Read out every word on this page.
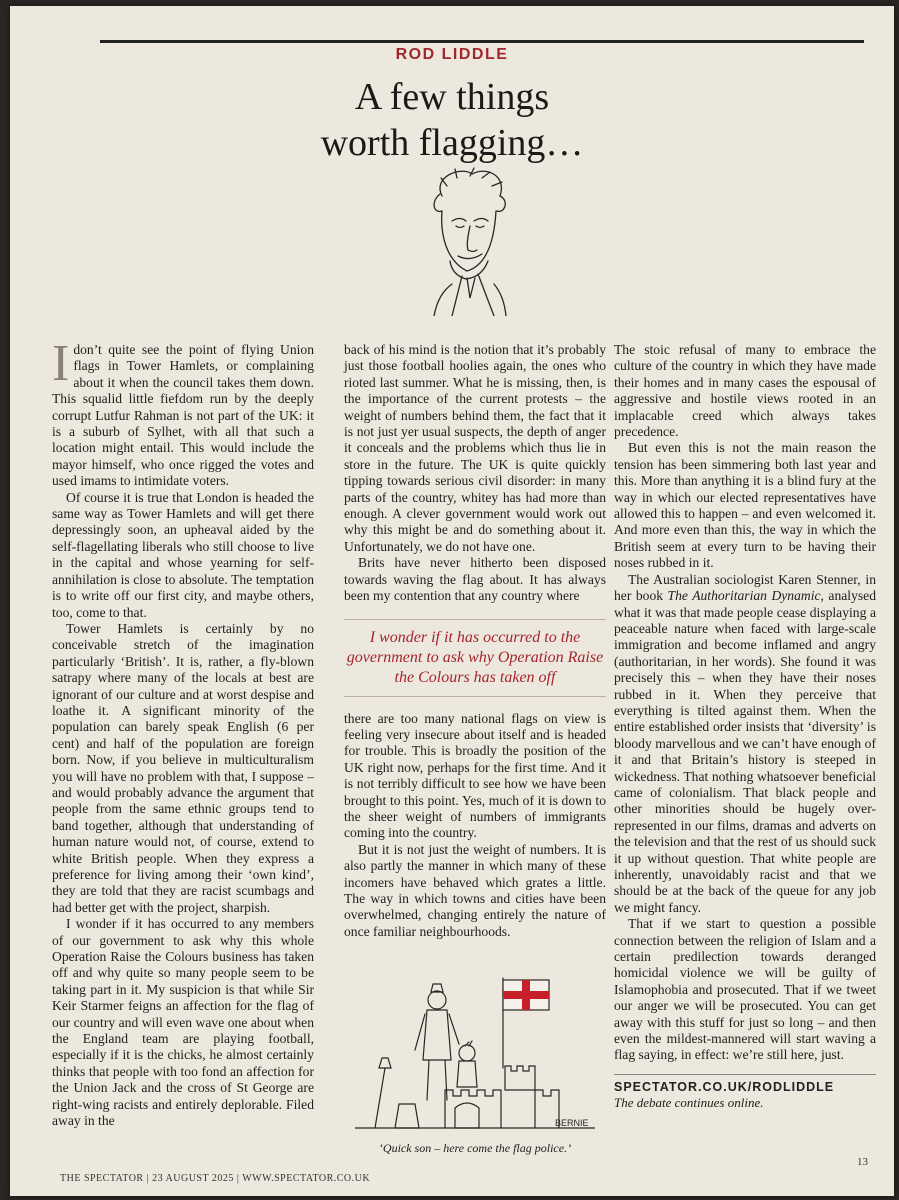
ROD LIDDLE
A few things
worth flagging…

Idon’t quite see the point of flying Union flags in Tower Hamlets, or complaining about it when the council takes them down. This squalid little fiefdom run by the deeply corrupt Lutfur Rahman is not part of the UK: it is a suburb of Sylhet, with all that such a location might entail. This would include the mayor himself, who once rigged the votes and used imams to intimidate voters.

Of course it is true that London is headed the same way as Tower Hamlets and will get there depressingly soon, an upheaval aided by the self-flagellating liberals who still choose to live in the capital and whose yearning for self-annihilation is close to absolute. The temptation is to write off our first city, and maybe others, too, come to that.

Tower Hamlets is certainly by no conceivable stretch of the imagination particularly ‘British’. It is, rather, a fly-blown satrapy where many of the locals at best are ignorant of our culture and at worst despise and loathe it. A significant minority of the population can barely speak English (6 per cent) and half of the population are foreign born. Now, if you believe in multiculturalism you will have no problem with that, I suppose – and would probably advance the argument that people from the same ethnic groups tend to band together, although that understanding of human nature would not, of course, extend to white British people. When they express a preference for living among their ‘own kind’, they are told that they are racist scumbags and had better get with the project, sharpish.

I wonder if it has occurred to any members of our government to ask why this whole Operation Raise the Colours business has taken off and why quite so many people seem to be taking part in it. My suspicion is that while Sir Keir Starmer feigns an affection for the flag of our country and will even wave one about when the England team are playing football, especially if it is the chicks, he almost certainly thinks that people with too fond an affection for the Union Jack and the cross of St George are right-wing racists and entirely deplorable. Filed away in the

back of his mind is the notion that it’s probably just those football hoolies again, the ones who rioted last summer. What he is missing, then, is the importance of the current protests – the weight of numbers behind them, the fact that it is not just yer usual suspects, the depth of anger it conceals and the problems which thus lie in store in the future. The UK is quite quickly tipping towards serious civil disorder: in many parts of the country, whitey has had more than enough. A clever government would work out why this might be and do something about it. Unfortunately, we do not have one.

Brits have never hitherto been disposed towards waving the flag about. It has always been my contention that any country where

I wonder if it has occurred to the government to ask why Operation Raise the Colours has taken off

there are too many national flags on view is feeling very insecure about itself and is headed for trouble. This is broadly the position of the UK right now, perhaps for the first time. And it is not terribly difficult to see how we have been brought to this point. Yes, much of it is down to the sheer weight of numbers of immigrants coming into the country.

But it is not just the weight of numbers. It is also partly the manner in which many of these incomers have behaved which grates a little. The way in which towns and cities have been overwhelmed, changing entirely the nature of once familiar neighbourhoods.

BERNIE
‘Quick son – here come the flag police.’

The stoic refusal of many to embrace the culture of the country in which they have made their homes and in many cases the espousal of aggressive and hostile views rooted in an implacable creed which always takes precedence.

But even this is not the main reason the tension has been simmering both last year and this. More than anything it is a blind fury at the way in which our elected representatives have allowed this to happen – and even welcomed it. And more even than this, the way in which the British seem at every turn to be having their noses rubbed in it.

The Australian sociologist Karen Stenner, in her book The Authoritarian Dynamic, analysed what it was that made people cease displaying a peaceable nature when faced with large-scale immigration and become inflamed and angry (authoritarian, in her words). She found it was precisely this – when they have their noses rubbed in it. When they perceive that everything is tilted against them. When the entire established order insists that ‘diversity’ is bloody marvellous and we can’t have enough of it and that Britain’s history is steeped in wickedness. That nothing whatsoever beneficial came of colonialism. That black people and other minorities should be hugely over-represented in our films, dramas and adverts on the television and that the rest of us should suck it up without question. That white people are inherently, unavoidably racist and that we should be at the back of the queue for any job we might fancy.

That if we start to question a possible connection between the religion of Islam and a certain predilection towards deranged homicidal violence we will be guilty of Islamophobia and prosecuted. That if we tweet our anger we will be prosecuted. You can get away with this stuff for just so long – and then even the mildest-mannered will start waving a flag saying, in effect: we’re still here, just.

SPECTATOR.CO.UK/RODLIDDLE
The debate continues online.
THE SPECTATOR | 23 AUGUST 2025 | WWW.SPECTATOR.CO.UK
13
